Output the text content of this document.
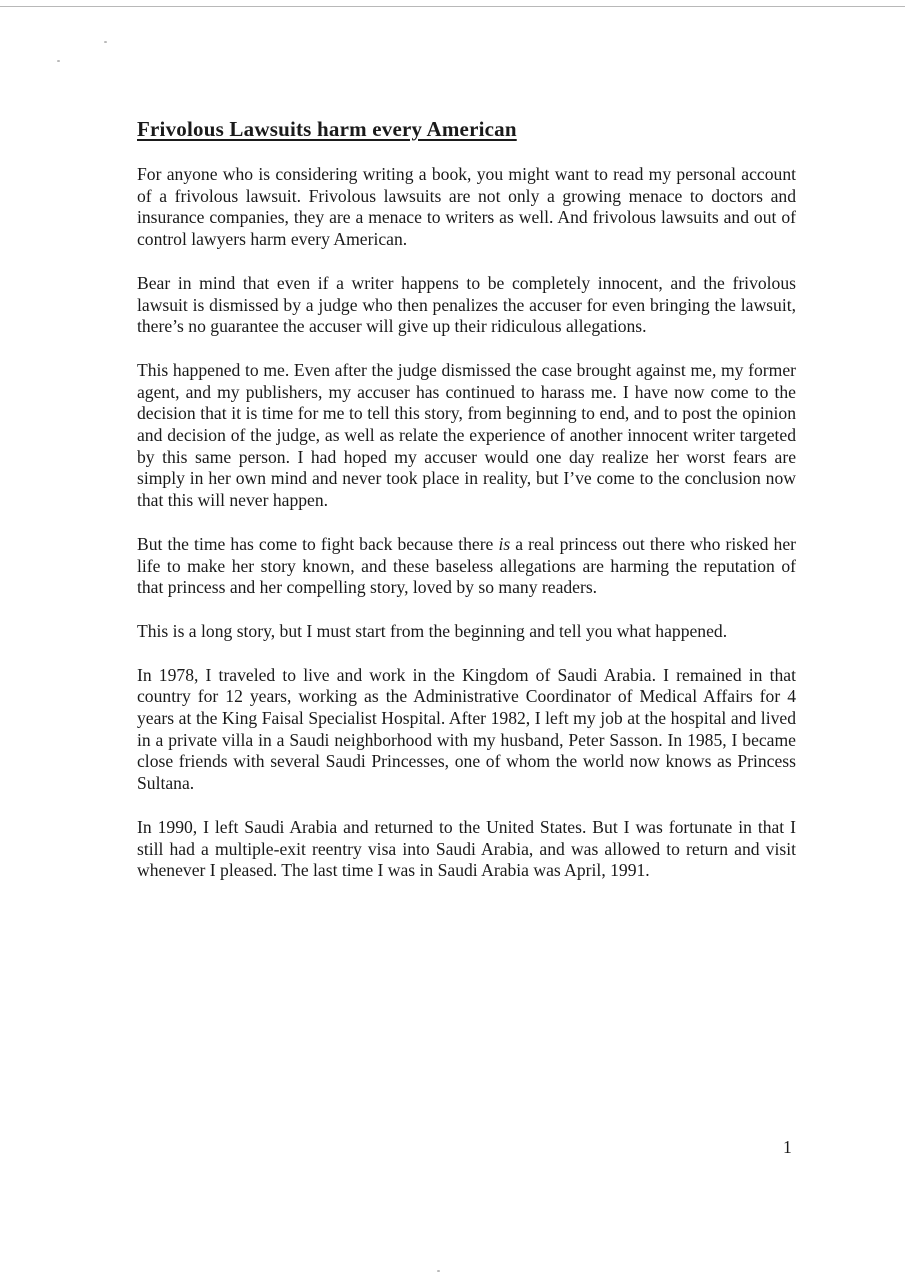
Frivolous Lawsuits harm every American

For anyone who is considering writing a book, you might want to read my personal account of a frivolous lawsuit. Frivolous lawsuits are not only a growing menace to doctors and insurance companies, they are a menace to writers as well. And frivolous lawsuits and out of control lawyers harm every American.

Bear in mind that even if a writer happens to be completely innocent, and the frivolous lawsuit is dismissed by a judge who then penalizes the accuser for even bringing the lawsuit, there’s no guarantee the accuser will give up their ridiculous allegations.

This happened to me. Even after the judge dismissed the case brought against me, my former agent, and my publishers, my accuser has continued to harass me. I have now come to the decision that it is time for me to tell this story, from beginning to end, and to post the opinion and decision of the judge, as well as relate the experience of another innocent writer targeted by this same person. I had hoped my accuser would one day realize her worst fears are simply in her own mind and never took place in reality, but I’ve come to the conclusion now that this will never happen.

But the time has come to fight back because there is a real princess out there who risked her life to make her story known, and these baseless allegations are harming the reputation of that princess and her compelling story, loved by so many readers.

This is a long story, but I must start from the beginning and tell you what happened.

In 1978, I traveled to live and work in the Kingdom of Saudi Arabia. I remained in that country for 12 years, working as the Administrative Coordinator of Medical Affairs for 4 years at the King Faisal Specialist Hospital. After 1982, I left my job at the hospital and lived in a private villa in a Saudi neighborhood with my husband, Peter Sasson. In 1985, I became close friends with several Saudi Princesses, one of whom the world now knows as Princess Sultana.

In 1990, I left Saudi Arabia and returned to the United States. But I was fortunate in that I still had a multiple-exit reentry visa into Saudi Arabia, and was allowed to return and visit whenever I pleased. The last time I was in Saudi Arabia was April, 1991.

1
